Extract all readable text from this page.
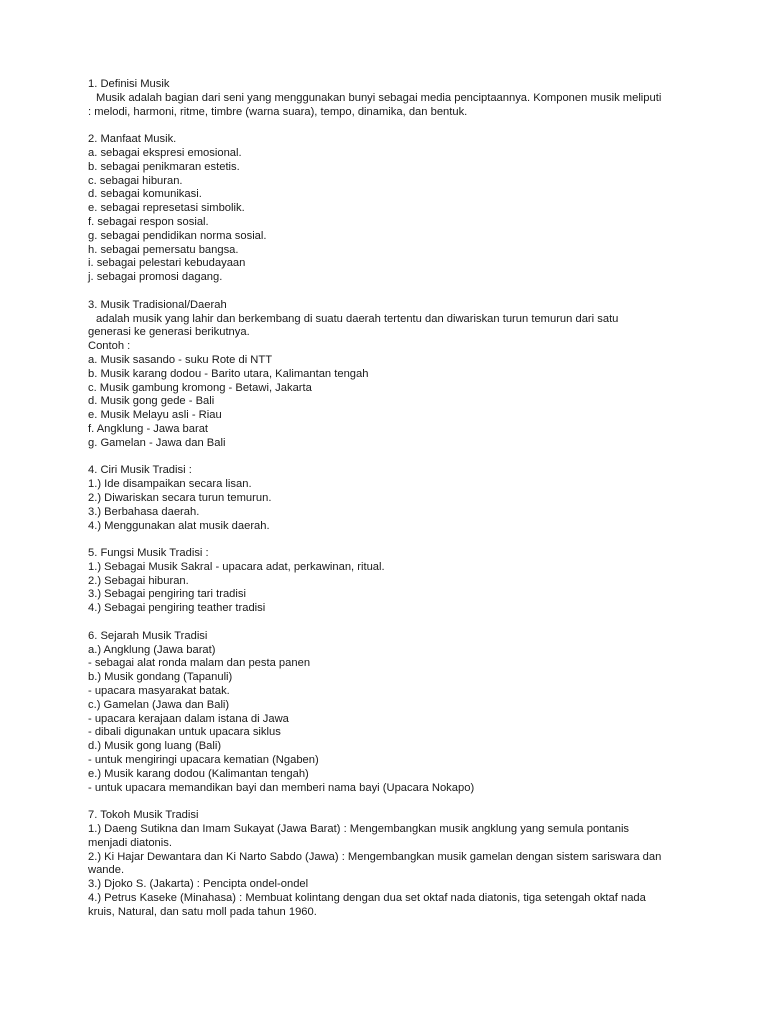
1. Definisi Musik
Musik adalah bagian dari seni yang menggunakan bunyi sebagai media penciptaannya. Komponen musik meliputi
: melodi, harmoni, ritme, timbre (warna suara), tempo, dinamika, dan bentuk.
2. Manfaat Musik.
a. sebagai ekspresi emosional.
b. sebagai penikmaran estetis.
c. sebagai hiburan.
d. sebagai komunikasi.
e. sebagai represetasi simbolik.
f. sebagai respon sosial.
g. sebagai pendidikan norma sosial.
h. sebagai pemersatu bangsa.
i. sebagai pelestari kebudayaan
j. sebagai promosi dagang.
3. Musik Tradisional/Daerah
adalah musik yang lahir dan berkembang di suatu daerah tertentu dan diwariskan turun temurun dari satu
generasi ke generasi berikutnya.
Contoh :
a. Musik sasando - suku Rote di NTT
b. Musik karang dodou - Barito utara, Kalimantan tengah
c. Musik gambung kromong - Betawi, Jakarta
d. Musik gong gede - Bali
e. Musik Melayu asli - Riau
f. Angklung - Jawa barat
g. Gamelan - Jawa dan Bali
4. Ciri Musik Tradisi :
1.) Ide disampaikan secara lisan.
2.) Diwariskan secara turun temurun.
3.) Berbahasa daerah.
4.) Menggunakan alat musik daerah.
5. Fungsi Musik Tradisi :
1.) Sebagai Musik Sakral - upacara adat, perkawinan, ritual.
2.) Sebagai hiburan.
3.) Sebagai pengiring tari tradisi
4.) Sebagai pengiring teather tradisi
6. Sejarah Musik Tradisi
a.) Angklung (Jawa barat)
- sebagai alat ronda malam dan pesta panen
b.) Musik gondang (Tapanuli)
- upacara masyarakat batak.
c.) Gamelan (Jawa dan Bali)
- upacara kerajaan dalam istana di Jawa
- dibali digunakan untuk upacara siklus
d.) Musik gong luang (Bali)
- untuk mengiringi upacara kematian (Ngaben)
e.) Musik karang dodou (Kalimantan tengah)
- untuk upacara memandikan bayi dan memberi nama bayi (Upacara Nokapo)
7. Tokoh Musik Tradisi
1.) Daeng Sutikna dan Imam Sukayat (Jawa Barat) : Mengembangkan musik angklung yang semula pontanis
menjadi diatonis.
2.) Ki Hajar Dewantara dan Ki Narto Sabdo (Jawa) : Mengembangkan musik gamelan dengan sistem sariswara dan
wande.
3.) Djoko S. (Jakarta) : Pencipta ondel-ondel
4.) Petrus Kaseke (Minahasa) : Membuat kolintang dengan dua set oktaf nada diatonis, tiga setengah oktaf nada
kruis, Natural, dan satu moll pada tahun 1960.
